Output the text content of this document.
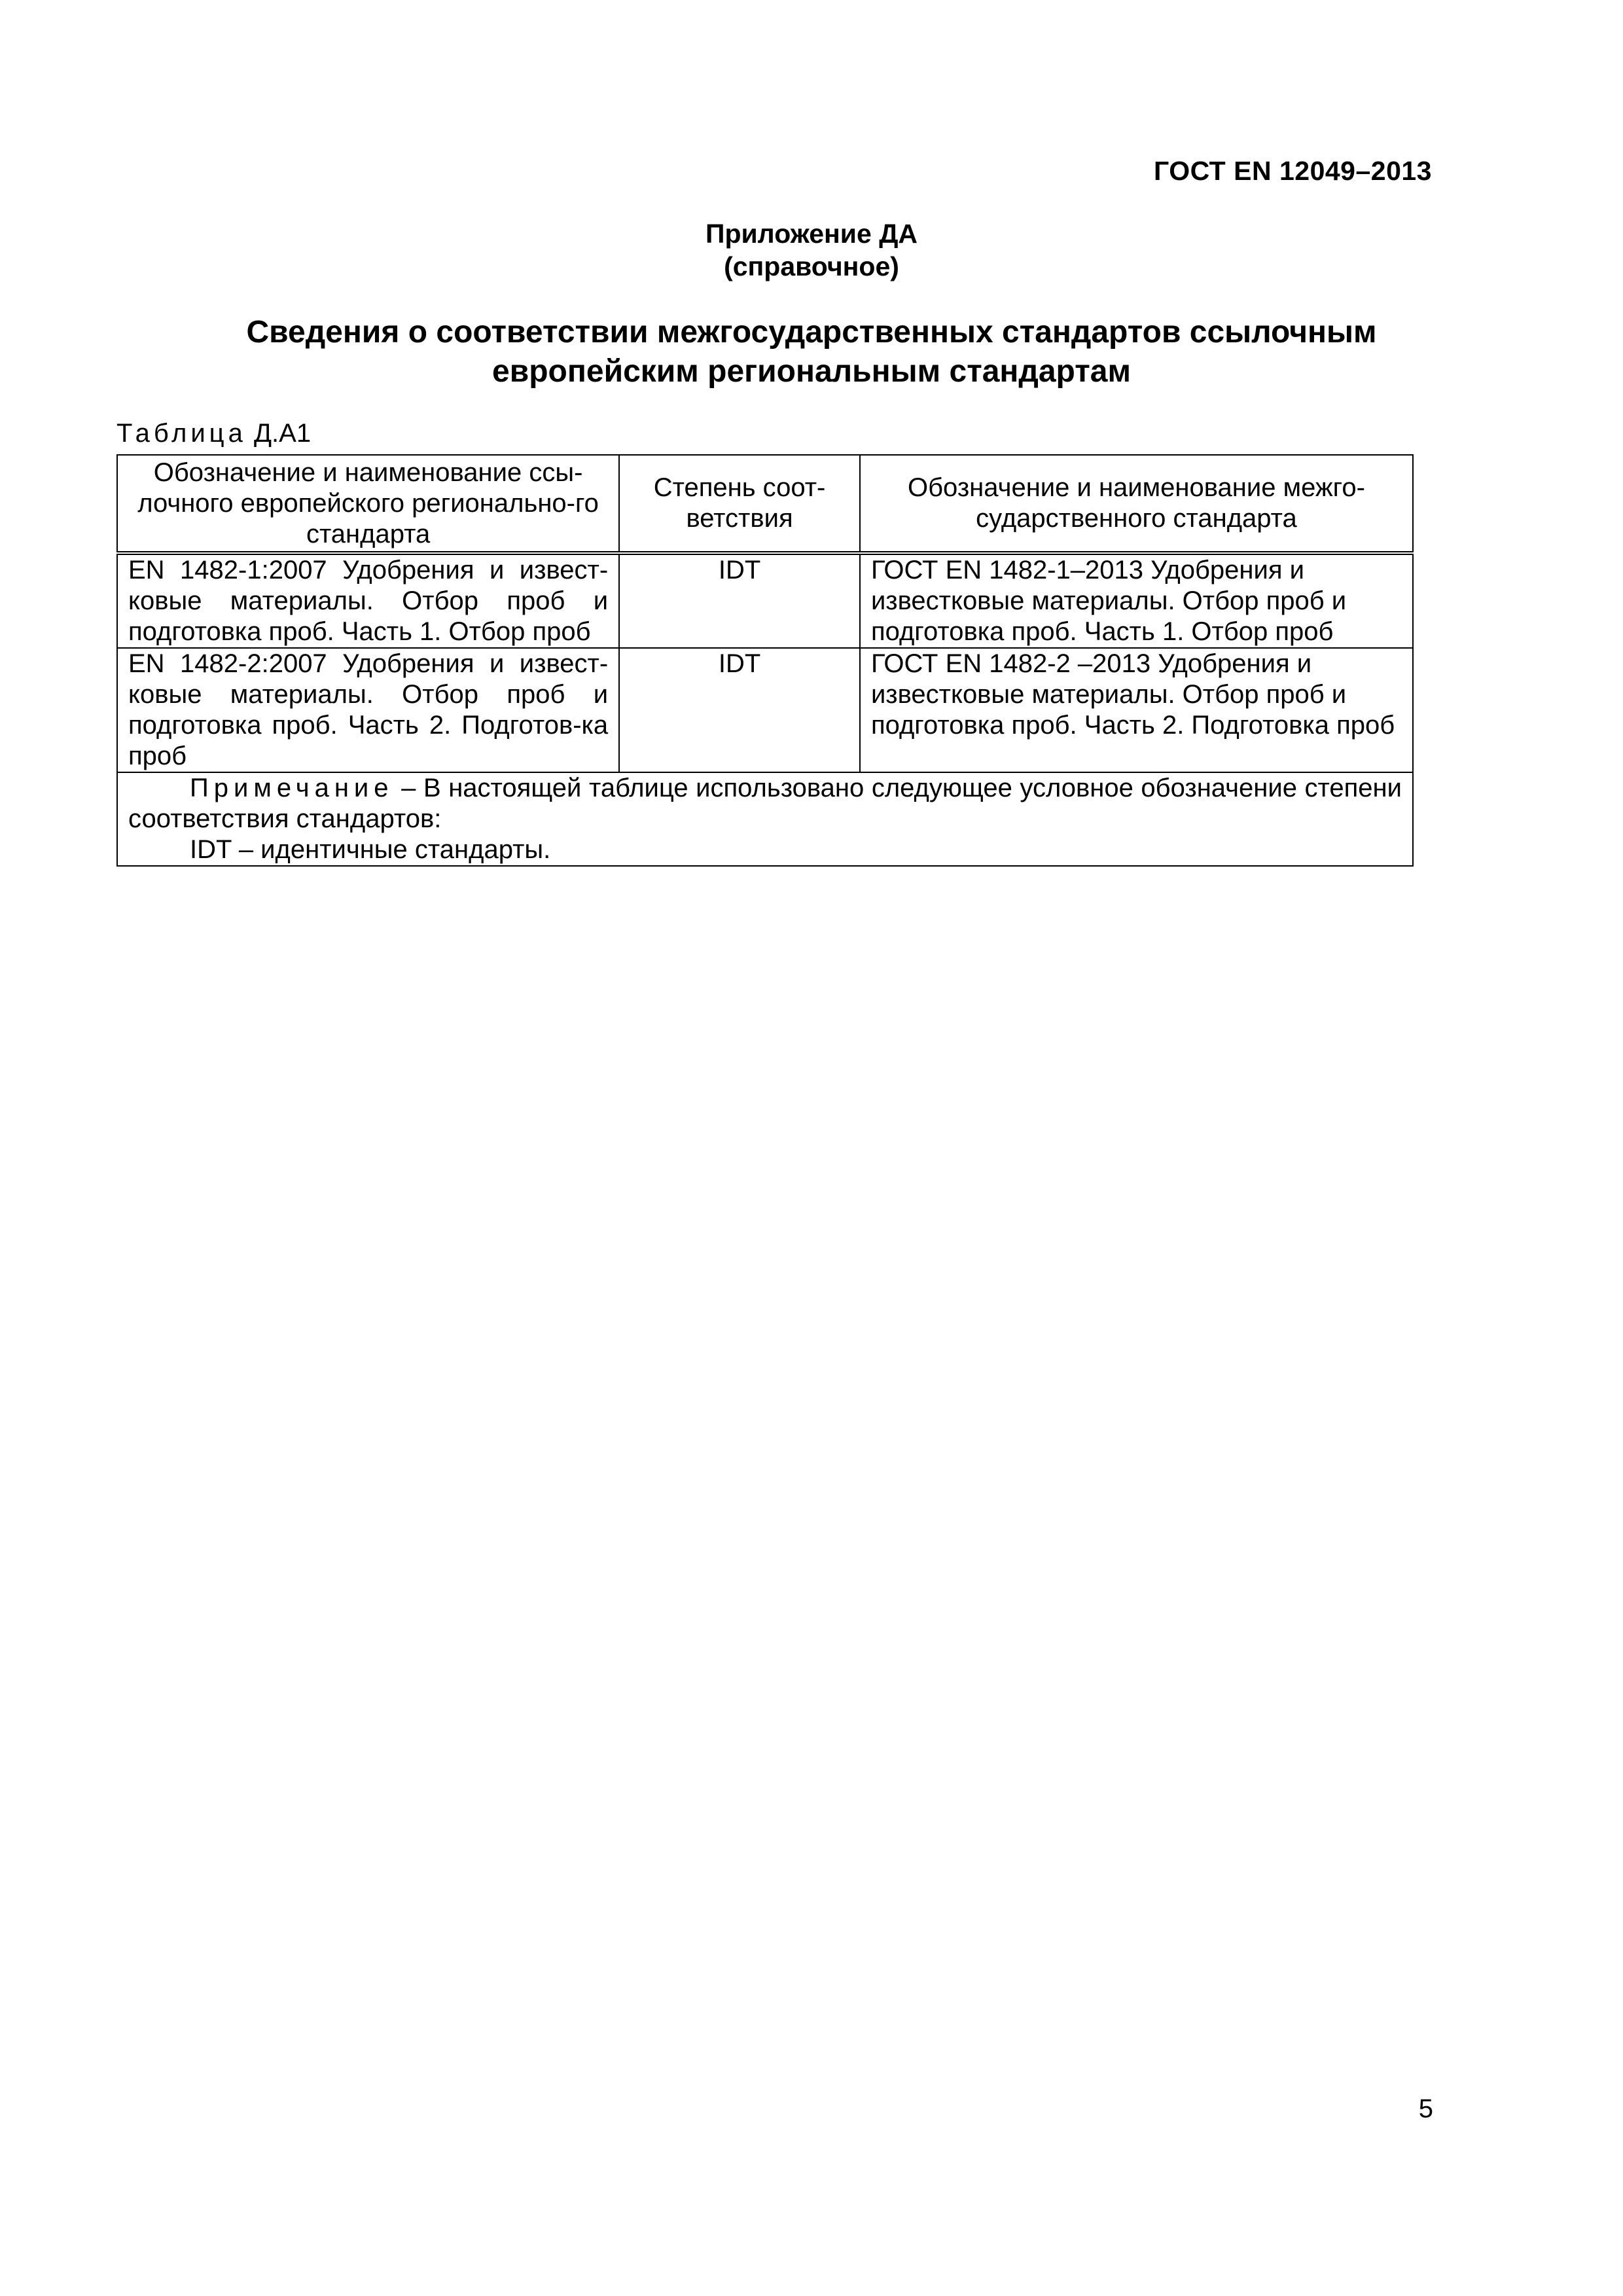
ГОСТ EN 12049–2013
Приложение ДА
(справочное)
Сведения о соответствии межгосударственных стандартов ссылочным
европейским региональным стандартам
Таблица Д.А1
Обозначение и наименование ссы-лочного европейского регионально-го стандарта	Степень соот-ветствия	Обозначение и наименование межго-сударственного стандарта
EN 1482-1:2007 Удобрения и извест-ковые материалы. Отбор проб и подготовка проб. Часть 1. Отбор проб	IDT	ГОСТ EN 1482-1–2013 Удобрения и известковые материалы. Отбор проб и подготовка проб. Часть 1. Отбор проб
EN 1482-2:2007 Удобрения и извест-ковые материалы. Отбор проб и подготовка проб. Часть 2. Подготов-ка проб	IDT	ГОСТ EN 1482-2 –2013 Удобрения и известковые материалы. Отбор проб и подготовка проб. Часть 2. Подготовка проб
Примечание – В настоящей таблице использовано следующее условное обозначение степени соответствия стандартов:
IDT – идентичные стандарты.		
5
